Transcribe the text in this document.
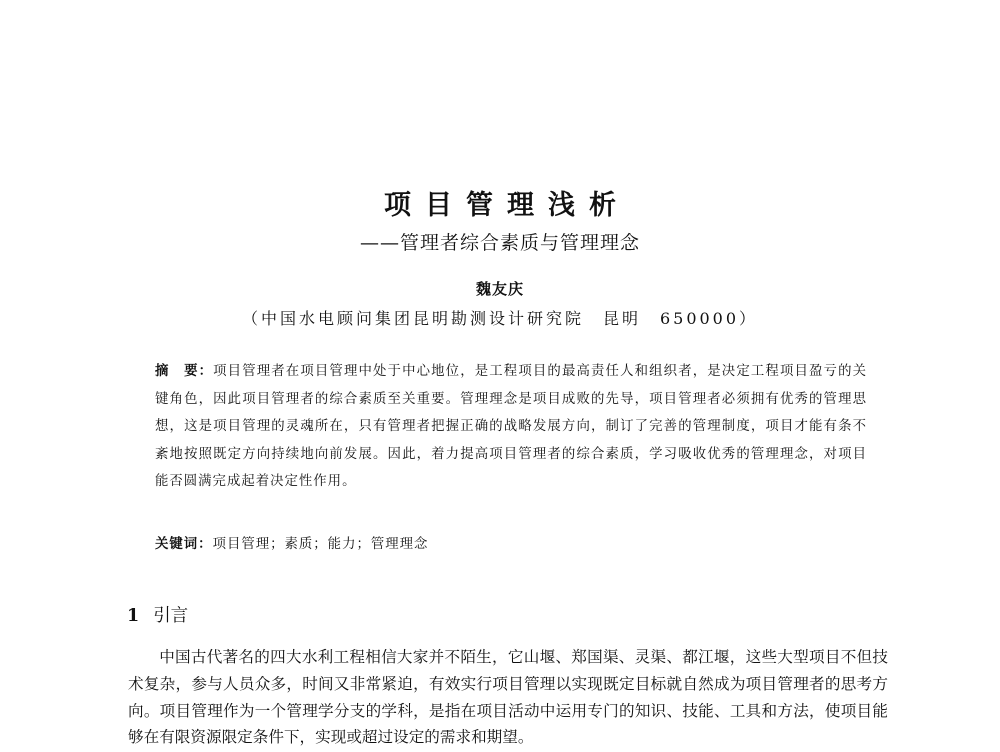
项目管理浅析
——管理者综合素质与管理理念
魏友庆
（中国水电顾问集团昆明勘测设计研究院　昆明　650000）
摘　要：项目管理者在项目管理中处于中心地位，是工程项目的最高责任人和组织者，是决定工程项目盈亏的关键角色，因此项目管理者的综合素质至关重要。管理理念是项目成败的先导，项目管理者必须拥有优秀的管理思想，这是项目管理的灵魂所在，只有管理者把握正确的战略发展方向，制订了完善的管理制度，项目才能有条不紊地按照既定方向持续地向前发展。因此，着力提高项目管理者的综合素质，学习吸收优秀的管理理念，对项目能否圆满完成起着决定性作用。
关键词：项目管理；素质；能力；管理理念
1 引言
中国古代著名的四大水利工程相信大家并不陌生，它山堰、郑国渠、灵渠、都江堰，这些大型项目不但技术复杂，参与人员众多，时间又非常紧迫，有效实行项目管理以实现既定目标就自然成为项目管理者的思考方向。项目管理作为一个管理学分支的学科，是指在项目活动中运用专门的知识、技能、工具和方法，使项目能够在有限资源限定条件下，实现或超过设定的需求和期望。
